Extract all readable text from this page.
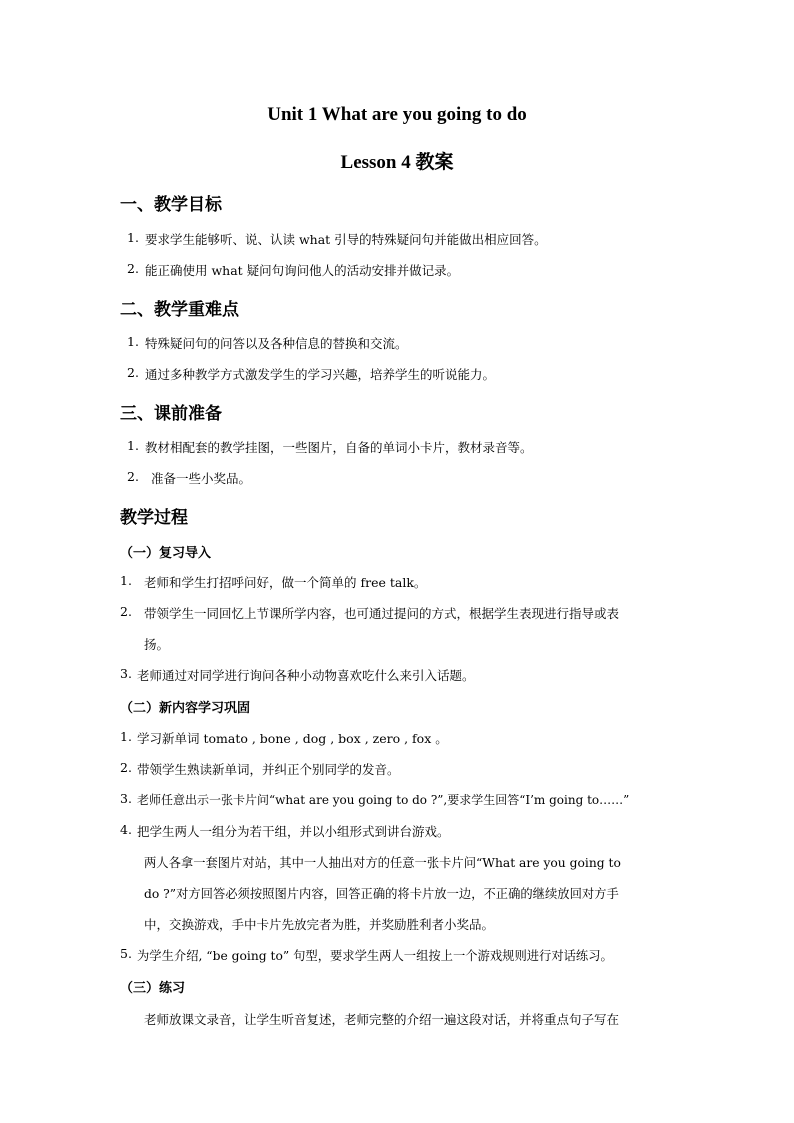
Unit 1 What are you going to do
Lesson 4 教案
一、教学目标
1. 要求学生能够听、说、认读 what 引导的特殊疑问句并能做出相应回答。
2. 能正确使用 what 疑问句询问他人的活动安排并做记录。
二、教学重难点
1. 特殊疑问句的问答以及各种信息的替换和交流。
2. 通过多种教学方式激发学生的学习兴趣，培养学生的听说能力。
三、课前准备
1. 教材相配套的教学挂图，一些图片，自备的单词小卡片，教材录音等。
2. 准备一些小奖品。
教学过程
（一）复习导入
1. 老师和学生打招呼问好，做一个简单的 free talk。
2. 带领学生一同回忆上节课所学内容，也可通过提问的方式，根据学生表现进行指导或表
扬。
3. 老师通过对同学进行询问各种小动物喜欢吃什么来引入话题。
（二）新内容学习巩固
1. 学习新单词 tomato , bone , dog , box , zero , fox 。
2. 带领学生熟读新单词，并纠正个别同学的发音。
3. 老师任意出示一张卡片问“what are you going to do ?”,要求学生回答“I’m going to……”
4. 把学生两人一组分为若干组，并以小组形式到讲台游戏。
两人各拿一套图片对站，其中一人抽出对方的任意一张卡片问“What are you going to
do ?”对方回答必须按照图片内容，回答正确的将卡片放一边，不正确的继续放回对方手
中，交换游戏，手中卡片先放完者为胜，并奖励胜利者小奖品。
5. 为学生介绍, “be going to” 句型，要求学生两人一组按上一个游戏规则进行对话练习。
（三）练习
老师放课文录音，让学生听音复述，老师完整的介绍一遍这段对话，并将重点句子写在
